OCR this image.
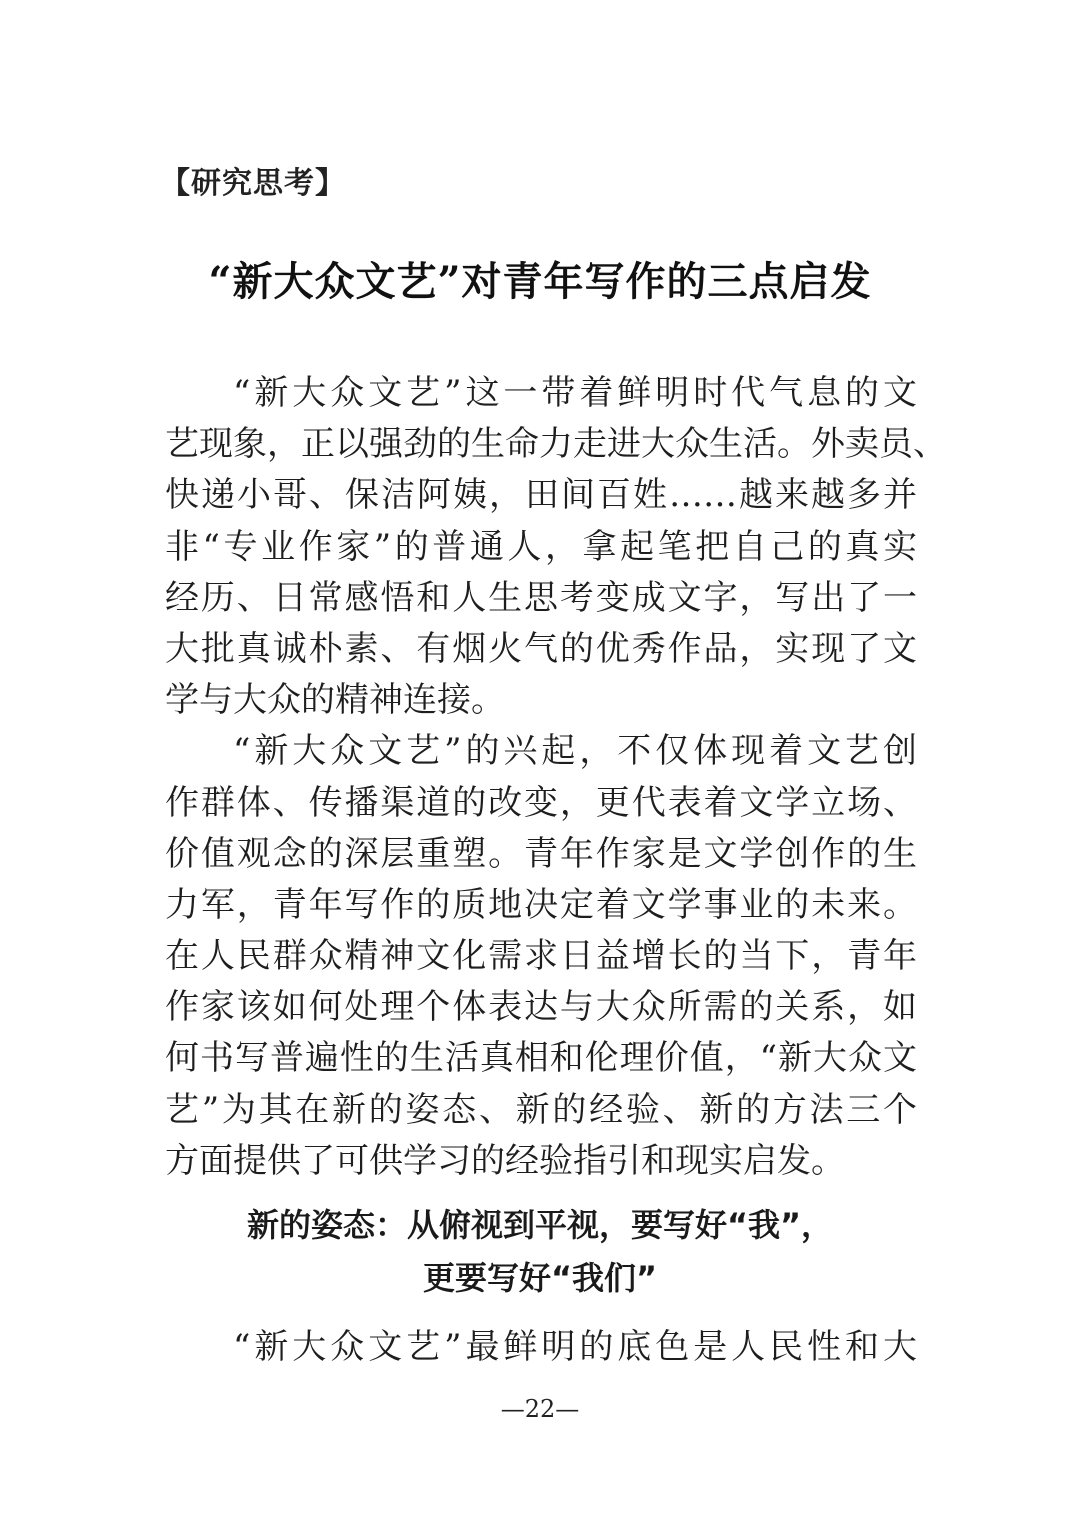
【研究思考】
“新大众文艺”对青年写作的三点启发
“新大众文艺”这一带着鲜明时代气息的文
艺现象，正以强劲的生命力走进大众生活。外卖员、
快递小哥、保洁阿姨，田间百姓……越来越多并
非“专业作家”的普通人，拿起笔把自己的真实
经历、日常感悟和人生思考变成文字，写出了一
大批真诚朴素、有烟火气的优秀作品，实现了文
学与大众的精神连接。
“新大众文艺”的兴起，不仅体现着文艺创
作群体、传播渠道的改变，更代表着文学立场、
价值观念的深层重塑。青年作家是文学创作的生
力军，青年写作的质地决定着文学事业的未来。
在人民群众精神文化需求日益增长的当下，青年
作家该如何处理个体表达与大众所需的关系，如
何书写普遍性的生活真相和伦理价值，“新大众文
艺”为其在新的姿态、新的经验、新的方法三个
方面提供了可供学习的经验指引和现实启发。
新的姿态：从俯视到平视，要写好“我”，
更要写好“我们”
“新大众文艺”最鲜明的底色是人民性和大
—22—
